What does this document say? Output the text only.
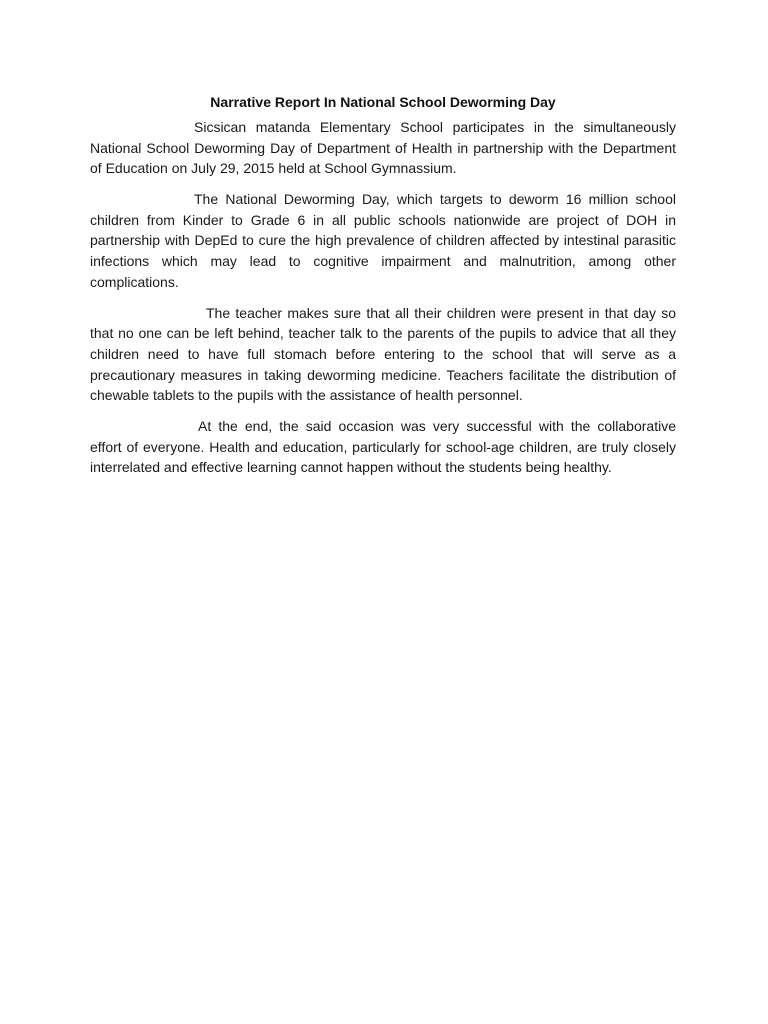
Narrative Report In National School Deworming Day

Sicsican matanda Elementary School participates in the simultaneously National School Deworming Day of Department of Health in partnership with the Department of Education on July 29, 2015 held at School Gymnassium.

The National Deworming Day, which targets to deworm 16 million school children from Kinder to Grade 6 in all public schools nationwide are project of DOH in partnership with DepEd to cure the high prevalence of children affected by intestinal parasitic infections which may lead to cognitive impairment and malnutrition, among other complications.

The teacher makes sure that all their children were present in that day so that no one can be left behind, teacher talk to the parents of the pupils to advice that all they children need to have full stomach before entering to the school that will serve as a precautionary measures in taking deworming medicine. Teachers facilitate the distribution of chewable tablets to the pupils with the assistance of health personnel.

At the end, the said occasion was very successful with the collaborative effort of everyone. Health and education, particularly for school-age children, are truly closely interrelated and effective learning cannot happen without the students being healthy.
